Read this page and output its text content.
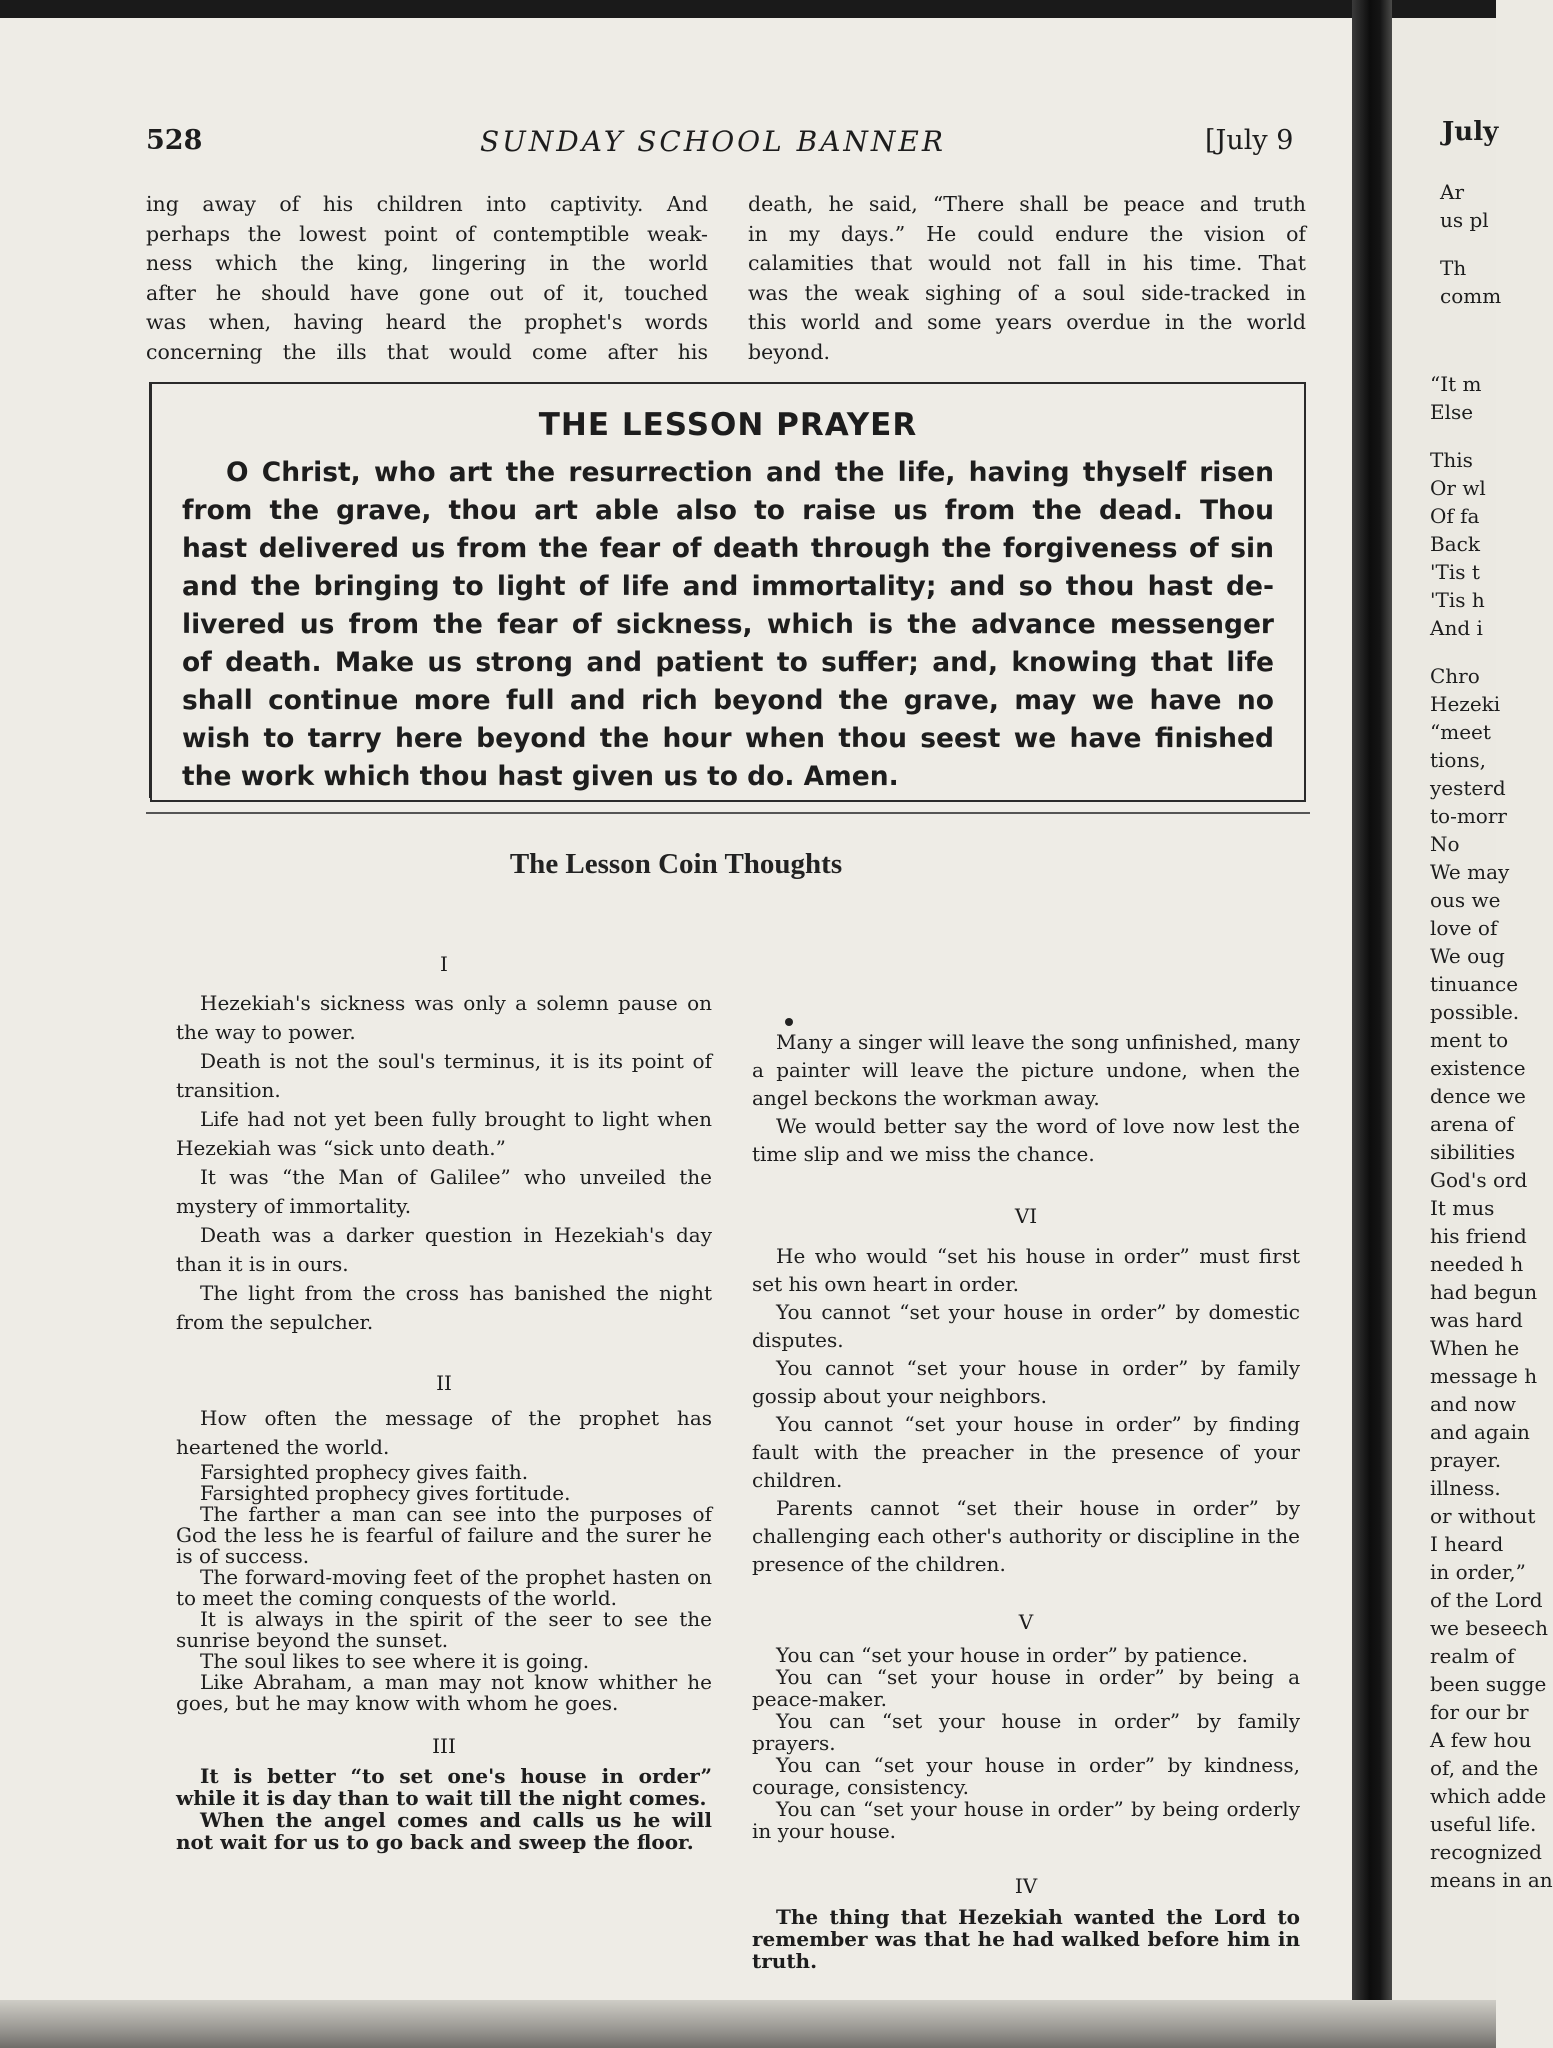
528	SUNDAY SCHOOL BANNER	[July 9

ing away of his children into captivity. And

perhaps the lowest point of contemptible weak-

ness which the king, lingering in the world

after he should have gone out of it, touched

was when, having heard the prophet's words

concerning the ills that would come after his

death, he said, “There shall be peace and truth

in my days.” He could endure the vision of

calamities that would not fall in his time. That

was the weak sighing of a soul side-tracked in

this world and some years overdue in the world

beyond.

THE LESSON PRAYER
O Christ, who art the resurrection and the life, having thyself risen
from the grave, thou art able also to raise us from the dead. Thou
hast delivered us from the fear of death through the forgiveness of sin
and the bringing to light of life and immortality; and so thou hast de-
livered us from the fear of sickness, which is the advance messenger
of death. Make us strong and patient to suffer; and, knowing that life
shall continue more full and rich beyond the grave, may we have no
wish to tarry here beyond the hour when thou seest we have finished
the work which thou hast given us to do. Amen.
The Lesson Coin Thoughts

I

Hezekiah's sickness was only a solemn pause on the way to power.

Death is not the soul's terminus, it is its point of transition.

Life had not yet been fully brought to light when Hezekiah was “sick unto death.”

It was “the Man of Galilee” who unveiled the mystery of immortality.

Death was a darker question in Hezekiah's day than it is in ours.

The light from the cross has banished the night from the sepulcher.

II

How often the message of the prophet has heartened the world.

Farsighted prophecy gives faith.

Farsighted prophecy gives fortitude.

The farther a man can see into the purposes of God the less he is fearful of failure and the surer he is of success.

The forward-moving feet of the prophet hasten on to meet the coming conquests of the world.

It is always in the spirit of the seer to see the sunrise beyond the sunset.

The soul likes to see where it is going.

Like Abraham, a man may not know whither he goes, but he may know with whom he goes.

III

It is better “to set one's house in order” while it is day than to wait till the night comes.

When the angel comes and calls us he will not wait for us to go back and sweep the floor.

Many a singer will leave the song unfinished, many a painter will leave the picture undone, when the angel beckons the workman away.

We would better say the word of love now lest the time slip and we miss the chance.

VI

He who would “set his house in order” must first set his own heart in order.

You cannot “set your house in order” by domestic disputes.

You cannot “set your house in order” by family gossip about your neighbors.

You cannot “set your house in order” by finding fault with the preacher in the presence of your children.

Parents cannot “set their house in order” by challenging each other's authority or discipline in the presence of the children.

V

You can “set your house in order” by patience.

You can “set your house in order” by being a peace-maker.

You can “set your house in order” by family prayers.

You can “set your house in order” by kindness, courage, consistency.

You can “set your house in order” by being orderly in your house.

IV

The thing that Hezekiah wanted the Lord to remember was that he had walked before him in truth.

July
Ar
us pl
Th
comm
“It m
Else
This
Or wl
Of fa
Back
'Tis t
'Tis h
And i
Chro
Hezeki
“meet
tions,
yesterd
to-morr
No
We may
ous we
love of
We oug
tinuance
possible.
ment to
existence
dence we
arena of
sibilities
God's ord
It mus
his friend
needed h
had begun
was hard
When he
message h
and now
and again
prayer.
illness.
or without
I heard
in order,”
of the Lord
we beseech
realm of
been sugge
for our br
A few hou
of, and the
which adde
useful life.
recognized
means in an
